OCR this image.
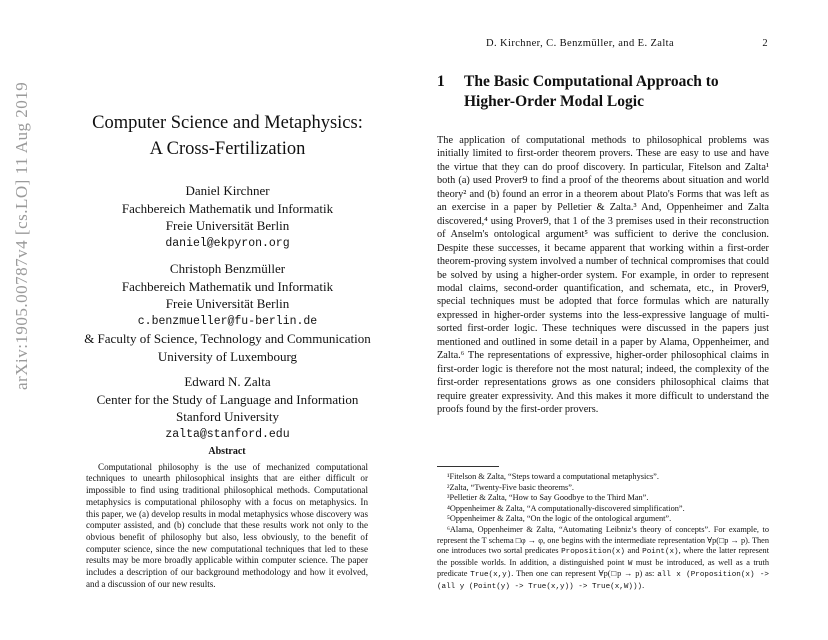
arXiv:1905.00787v4 [cs.LO] 11 Aug 2019	Computer Science and Metaphysics:
A Cross-Fertilization
Daniel Kirchner
Fachbereich Mathematik und Informatik
Freie Universität Berlin
daniel@ekpyron.org
Christoph Benzmüller
Fachbereich Mathematik und Informatik
Freie Universität Berlin
c.benzmueller@fu-berlin.de
& Faculty of Science, Technology and Communication
University of Luxembourg
Edward N. Zalta
Center for the Study of Language and Information
Stanford University
zalta@stanford.edu
Abstract

Computational philosophy is the use of mechanized computational techniques to unearth philosophical insights that are either difficult or impossible to find using traditional philosophical methods. Computational metaphysics is computational philosophy with a focus on metaphysics. In this paper, we (a) develop results in modal metaphysics whose discovery was computer assisted, and (b) conclude that these results work not only to the obvious benefit of philosophy but also, less obviously, to the benefit of computer science, since the new computational techniques that led to these results may be more broadly applicable within computer science. The paper includes a description of our background methodology and how it evolved, and a discussion of our new results.

D. Kirchner, C. Benzmüller, and E. Zalta	2
1 The Basic Computational Approach to
Higher-Order Modal Logic

The application of computational methods to philosophical problems was initially limited to first-order theorem provers. These are easy to use and have the virtue that they can do proof discovery. In particular, Fitelson and Zalta¹ both (a) used Prover9 to find a proof of the theorems about situation and world theory² and (b) found an error in a theorem about Plato's Forms that was left as an exercise in a paper by Pelletier & Zalta.³ And, Oppenheimer and Zalta discovered,⁴ using Prover9, that 1 of the 3 premises used in their reconstruction of Anselm's ontological argument⁵ was sufficient to derive the conclusion. Despite these successes, it became apparent that working within a first-order theorem-proving system involved a number of technical compromises that could be solved by using a higher-order system. For example, in order to represent modal claims, second-order quantification, and schemata, etc., in Prover9, special techniques must be adopted that force formulas which are naturally expressed in higher-order systems into the less-expressive language of multi-sorted first-order logic. These techniques were discussed in the papers just mentioned and outlined in some detail in a paper by Alama, Oppenheimer, and Zalta.⁶ The representations of expressive, higher-order philosophical claims in first-order logic is therefore not the most natural; indeed, the complexity of the first-order representations grows as one considers philosophical claims that require greater expressivity. And this makes it more difficult to understand the proofs found by the first-order provers.

¹Fitelson & Zalta, “Steps toward a computational metaphysics”.
²Zalta, “Twenty-Five basic theorems”.
³Pelletier & Zalta, “How to Say Goodbye to the Third Man”.
⁴Oppenheimer & Zalta, “A computationally-discovered simplification”.
⁵Oppenheimer & Zalta, “On the logic of the ontological argument”.
⁶Alama, Oppenheimer & Zalta, “Automating Leibniz’s theory of concepts”. For example, to represent the T schema □φ → φ, one begins with the intermediate representation ∀p(□p → p). Then one introduces two sortal predicates Proposition(x) and Point(x), where the latter represent the possible worlds. In addition, a distinguished point W must be introduced, as well as a truth predicate True(x,y). Then one can represent ∀p(□p → p) as: all x (Proposition(x) -> (all y (Point(y) -> True(x,y)) -> True(x,W))).
